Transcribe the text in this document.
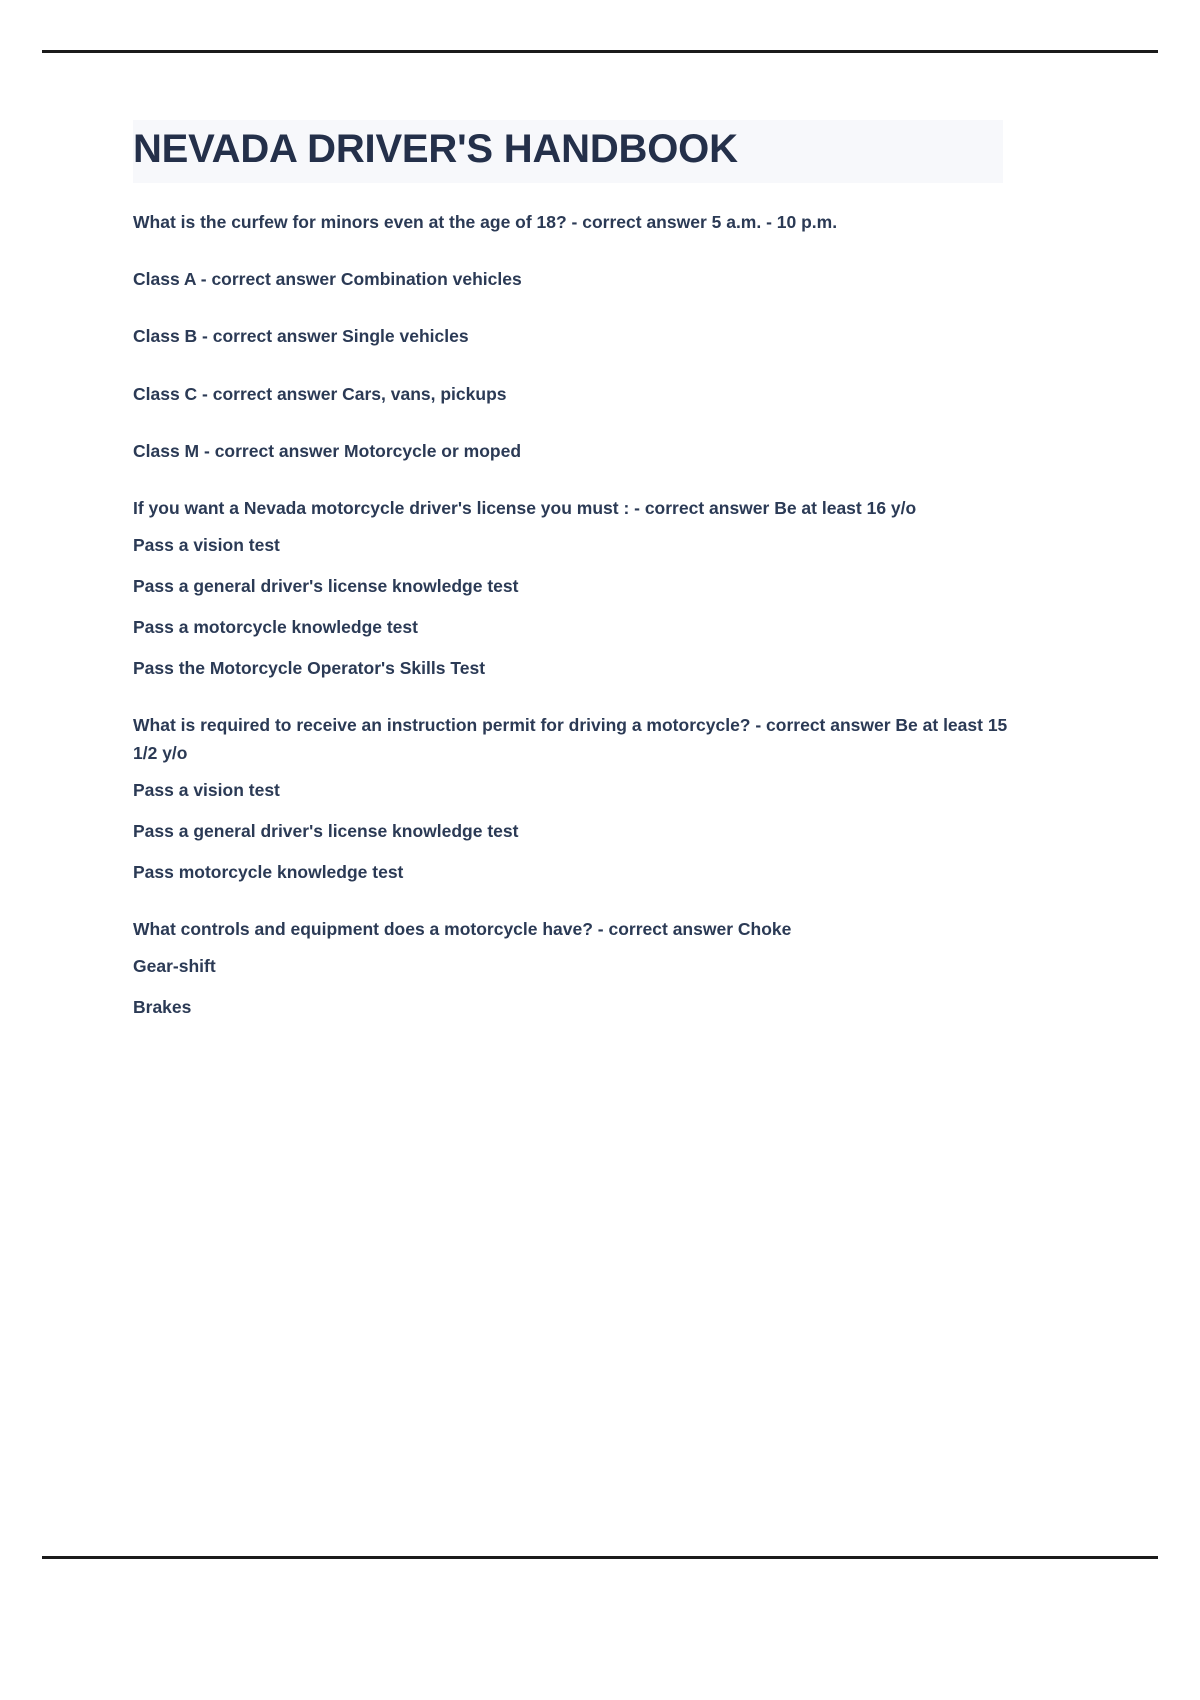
NEVADA DRIVER'S HANDBOOK

What is the curfew for minors even at the age of 18? - correct answer 5 a.m. - 10 p.m.

Class A - correct answer Combination vehicles

Class B - correct answer Single vehicles

Class C - correct answer Cars, vans, pickups

Class M - correct answer Motorcycle or moped

If you want a Nevada motorcycle driver's license you must : - correct answer Be at least 16 y/o

Pass a vision test

Pass a general driver's license knowledge test

Pass a motorcycle knowledge test

Pass the Motorcycle Operator's Skills Test

What is required to receive an instruction permit for driving a motorcycle? - correct answer Be at least 15 1/2 y/o

Pass a vision test

Pass a general driver's license knowledge test

Pass motorcycle knowledge test

What controls and equipment does a motorcycle have? - correct answer Choke

Gear-shift

Brakes
